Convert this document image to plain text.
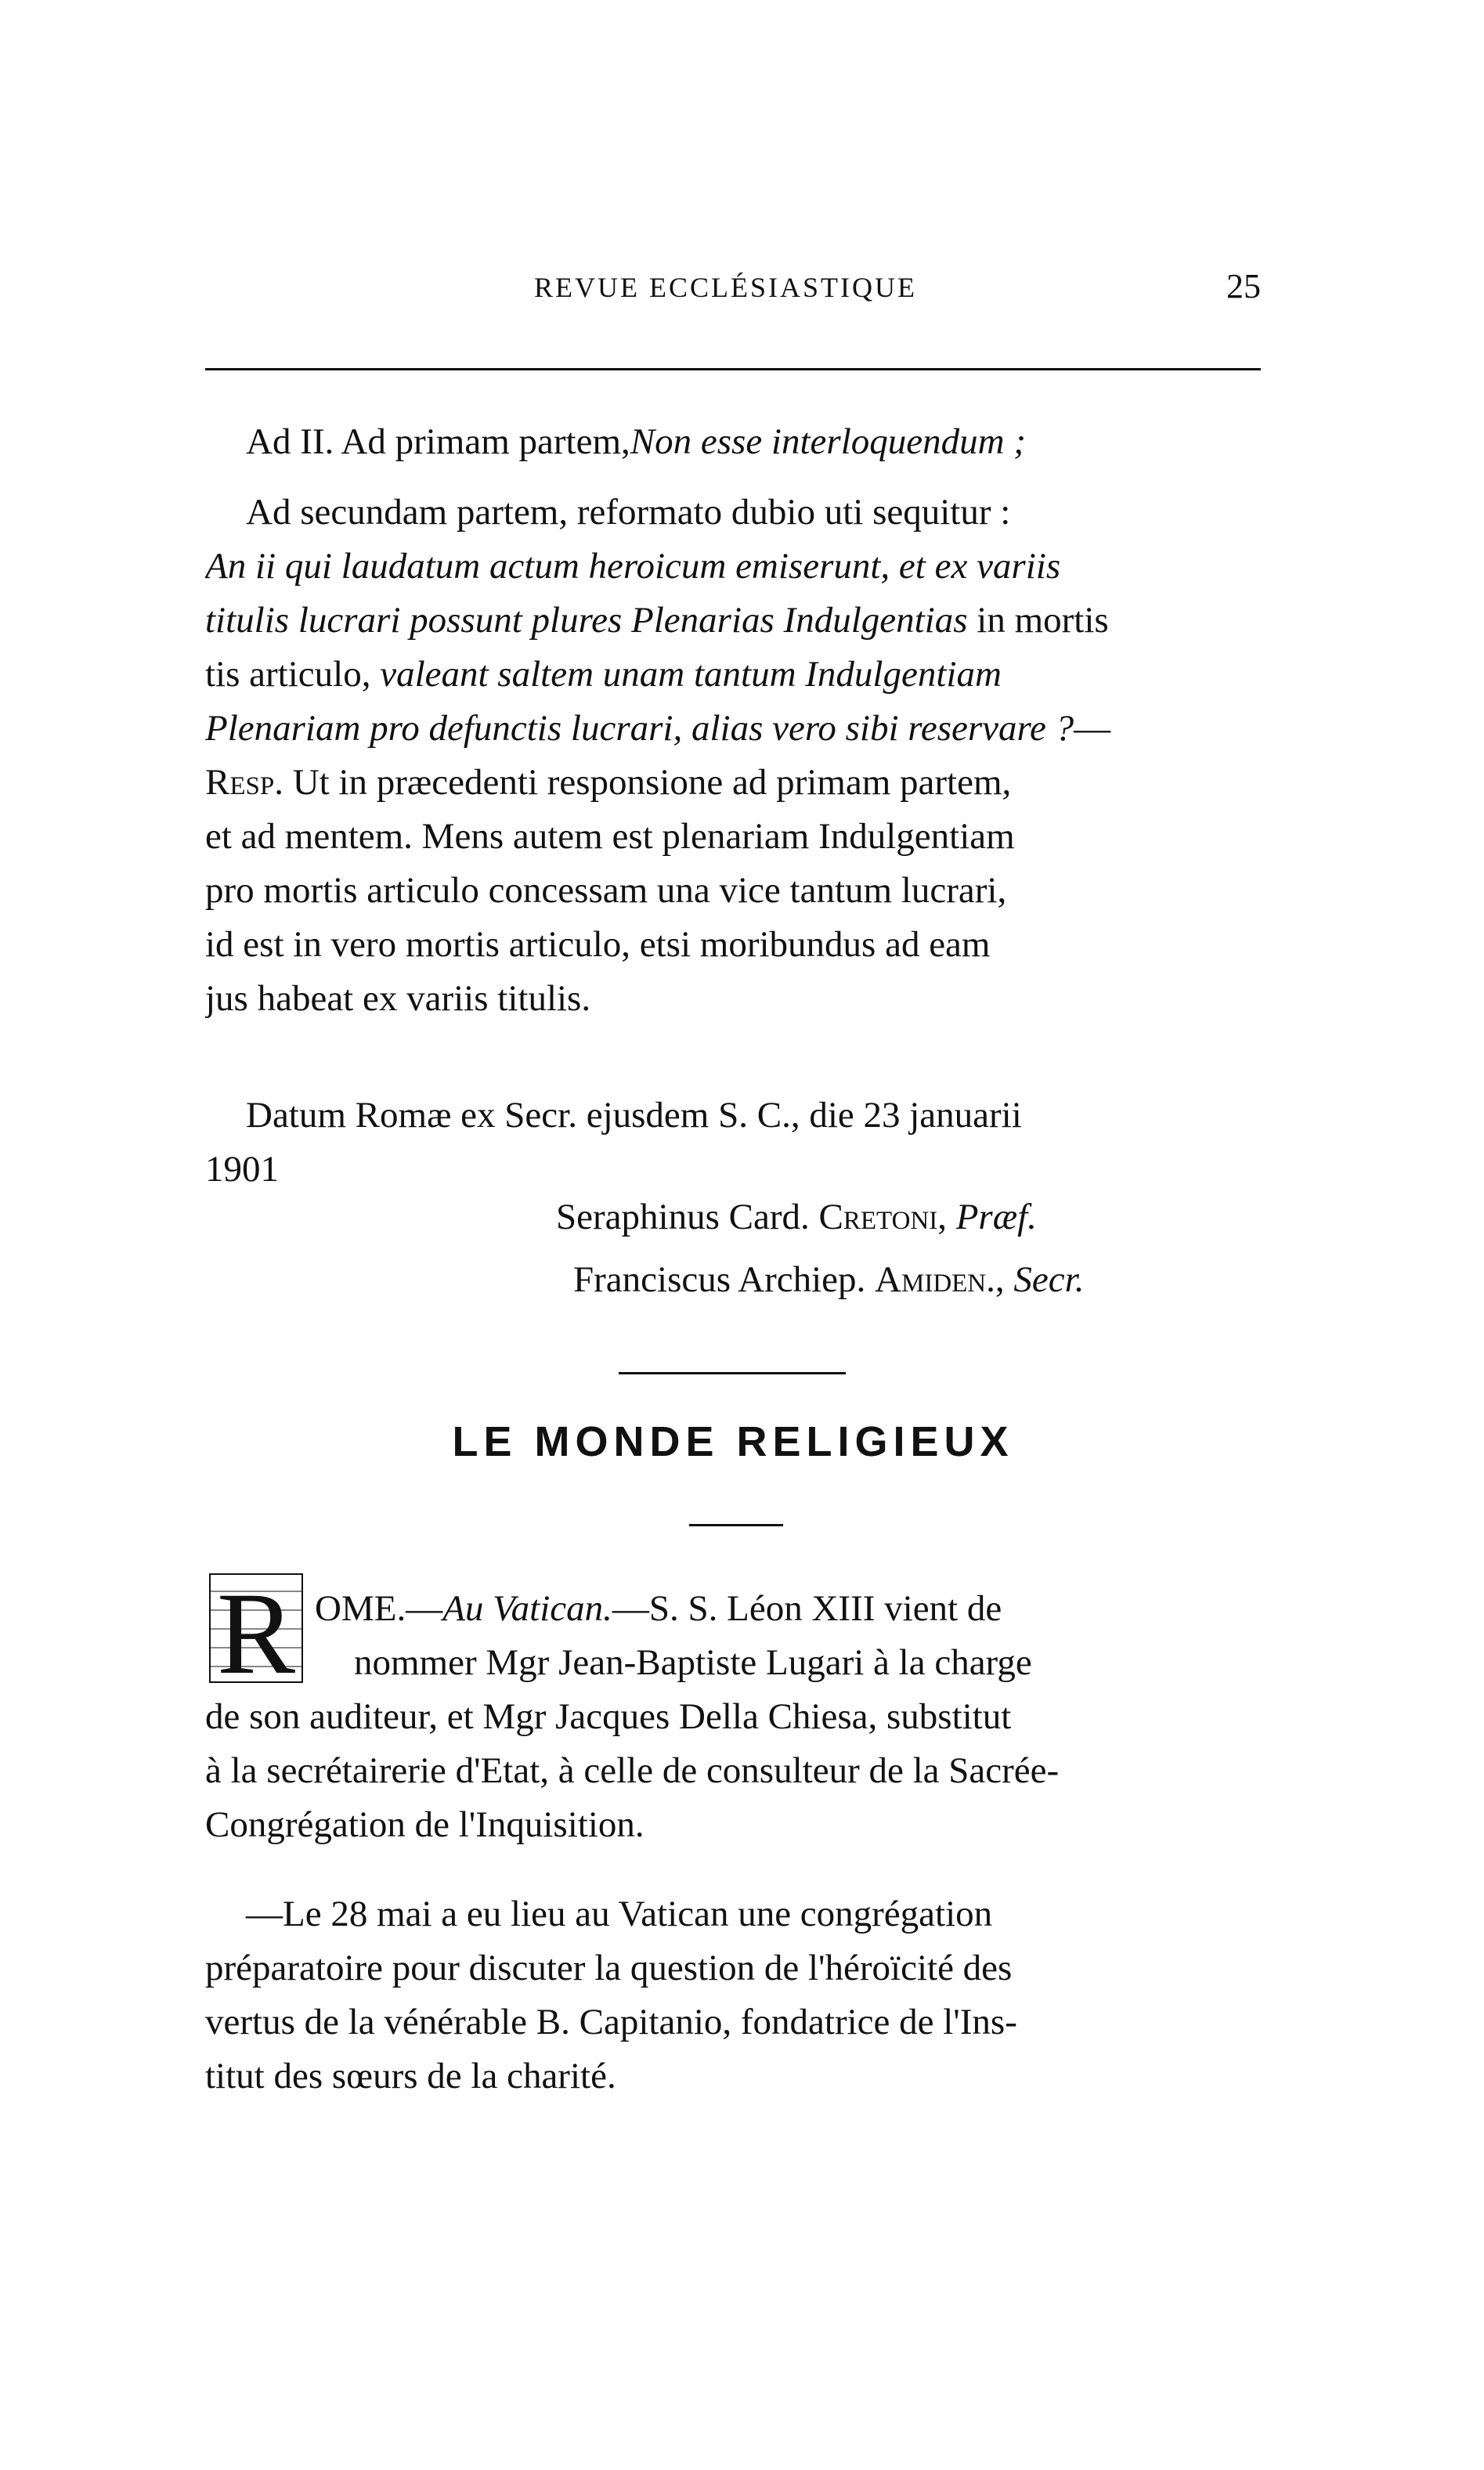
REVUE ECCLÉSIASTIQUE	25
Ad II. Ad primam partem, Non esse interloquendum ;
Ad secundam partem, reformato dubio uti sequitur :
An ii qui laudatum actum heroicum emiserunt, et ex variis
titulis lucrari possunt plures Plenarias Indulgentias in mortis
tis articulo, valeant saltem unam tantum Indulgentiam
Plenariam pro defunctis lucrari, alias vero sibi reservare ?—
Resp. Ut in præcedenti responsione ad primam partem,
et ad mentem. Mens autem est plenariam Indulgentiam
pro mortis articulo concessam una vice tantum lucrari,
id est in vero mortis articulo, etsi moribundus ad eam
jus habeat ex variis titulis.
Datum Romæ ex Secr. ejusdem S. C., die 23 januarii
1901
Seraphinus Card. Cretoni, Præf.
Franciscus Archiep. Amiden., Secr.
LE MONDE RELIGIEUX
R OME.—Au Vatican.—S. S. Léon XIII vient de
nommer Mgr Jean-Baptiste Lugari à la charge
de son auditeur, et Mgr Jacques Della Chiesa, substitut
à la secrétairerie d'Etat, à celle de consulteur de la Sacrée-
Congrégation de l'Inquisition.
—Le 28 mai a eu lieu au Vatican une congrégation
préparatoire pour discuter la question de l'héroïcité des
vertus de la vénérable B. Capitanio, fondatrice de l'Ins-
titut des sœurs de la charité.
